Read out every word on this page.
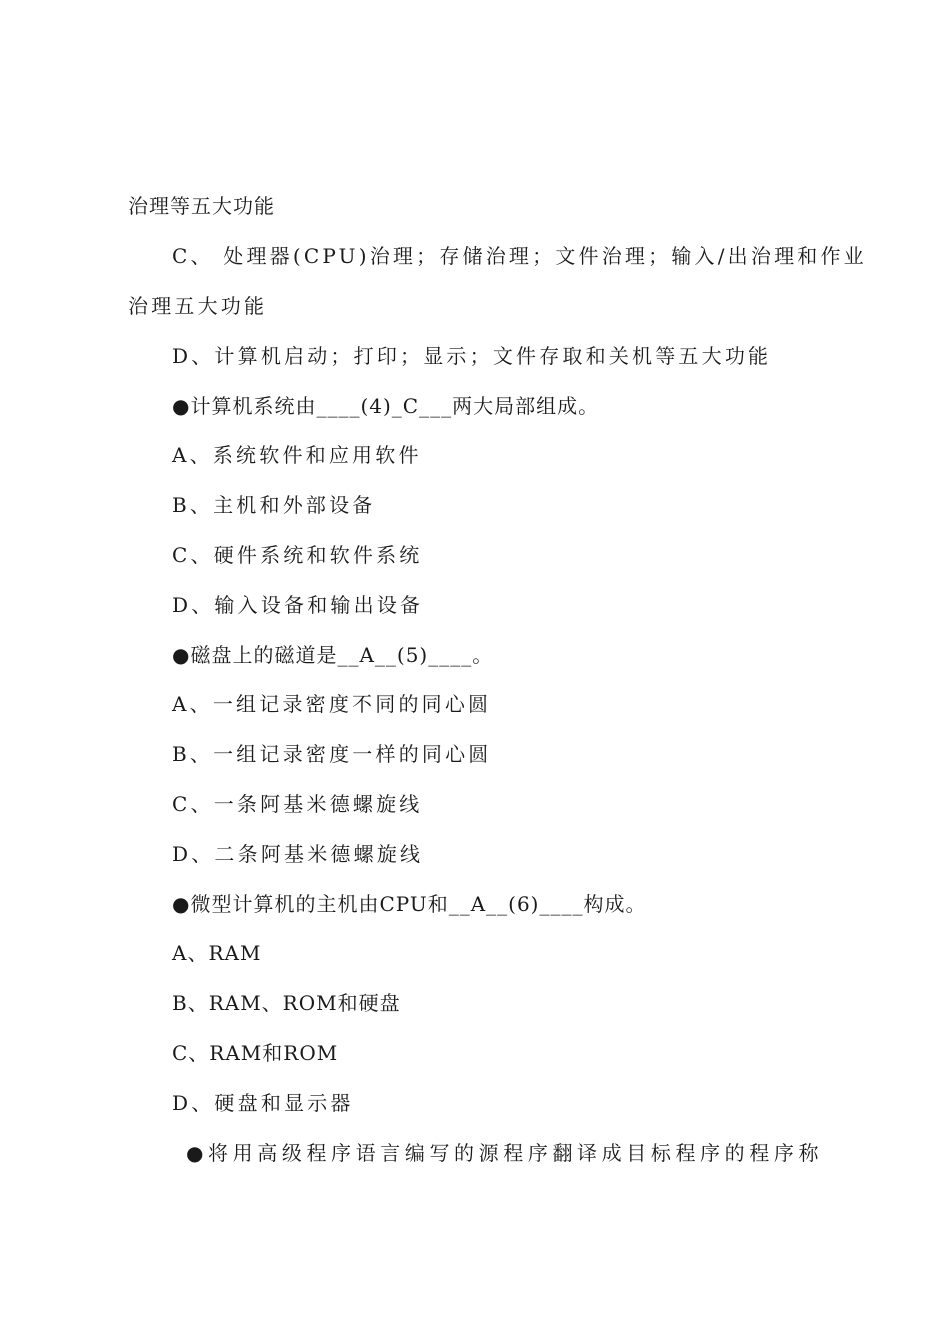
治理等五大功能
C、 处理器(CPU)治理；存储治理；文件治理；输入/出治理和作业
治理五大功能
D、计算机启动；打印；显示；文件存取和关机等五大功能
●计算机系统由____(4)_C___两大局部组成。
A、系统软件和应用软件
B、主机和外部设备
C、硬件系统和软件系统
D、输入设备和输出设备
●磁盘上的磁道是__A__(5)____。
A、一组记录密度不同的同心圆
B、一组记录密度一样的同心圆
C、一条阿基米德螺旋线
D、二条阿基米德螺旋线
●微型计算机的主机由CPU和__A__(6)____构成。
A、RAM
B、RAM、ROM和硬盘
C、RAM和ROM
D、硬盘和显示器
●将用高级程序语言编写的源程序翻译成目标程序的程序称
